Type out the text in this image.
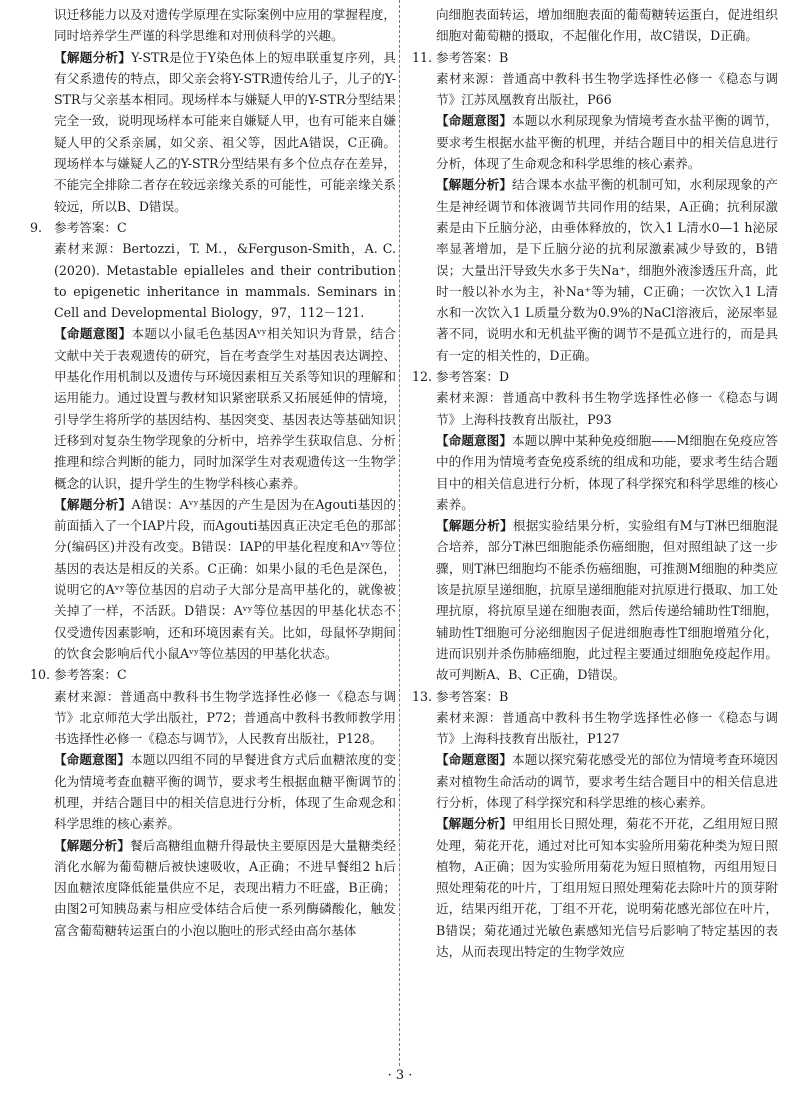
识迁移能力以及对遗传学原理在实际案例中应用的掌握程度，同时培养学生严谨的科学思维和对刑侦科学的兴趣。

【解题分析】Y-STR是位于Y染色体上的短串联重复序列，具有父系遗传的特点，即父亲会将Y-STR遗传给儿子，儿子的Y-STR与父亲基本相同。现场样本与嫌疑人甲的Y-STR分型结果完全一致，说明现场样本可能来自嫌疑人甲，也有可能来自嫌疑人甲的父系亲属，如父亲、祖父等，因此A错误，C正确。现场样本与嫌疑人乙的Y-STR分型结果有多个位点存在差异，不能完全排除二者存在较远亲缘关系的可能性，可能亲缘关系较远，所以B、D错误。

9. 参考答案：C

素材来源：Bertozzi，T. M.，&Ferguson-Smith，A. C.(2020). Metastable epialleles and their contribution to epigenetic inheritance in mammals. Seminars in Cell and Developmental Biology，97，112－121.

【命题意图】本题以小鼠毛色基因Aᵛʸ相关知识为背景，结合文献中关于表观遗传的研究，旨在考查学生对基因表达调控、甲基化作用机制以及遗传与环境因素相互关系等知识的理解和运用能力。通过设置与教材知识紧密联系又拓展延伸的情境，引导学生将所学的基因结构、基因突变、基因表达等基础知识迁移到对复杂生物学现象的分析中，培养学生获取信息、分析推理和综合判断的能力，同时加深学生对表观遗传这一生物学概念的认识，提升学生的生物学科核心素养。

【解题分析】A错误：Aᵛʸ基因的产生是因为在Agouti基因的前面插入了一个IAP片段，而Agouti基因真正决定毛色的那部分(编码区)并没有改变。B错误：IAP的甲基化程度和Aᵛʸ等位基因的表达是相反的关系。C正确：如果小鼠的毛色是深色，说明它的Aᵛʸ等位基因的启动子大部分是高甲基化的，就像被关掉了一样，不活跃。D错误：Aᵛʸ等位基因的甲基化状态不仅受遗传因素影响，还和环境因素有关。比如，母鼠怀孕期间的饮食会影响后代小鼠Aᵛʸ等位基因的甲基化状态。

10. 参考答案：C

素材来源：普通高中教科书生物学选择性必修一《稳态与调节》北京师范大学出版社，P72；普通高中教科书教师教学用书选择性必修一《稳态与调节》，人民教育出版社，P128。

【命题意图】本题以四组不同的早餐进食方式后血糖浓度的变化为情境考查血糖平衡的调节，要求考生根据血糖平衡调节的机理，并结合题目中的相关信息进行分析，体现了生命观念和科学思维的核心素养。

【解题分析】餐后高糖组血糖升得最快主要原因是大量糖类经消化水解为葡萄糖后被快速吸收，A正确；不进早餐组2 h后因血糖浓度降低能量供应不足，表现出精力不旺盛，B正确；由图2可知胰岛素与相应受体结合后使一系列酶磷酸化，触发富含葡萄糖转运蛋白的小泡以胞吐的形式经由高尔基体

向细胞表面转运，增加细胞表面的葡萄糖转运蛋白，促进组织细胞对葡萄糖的摄取，不起催化作用，故C错误，D正确。

11. 参考答案：B

素材来源：普通高中教科书生物学选择性必修一《稳态与调节》江苏凤凰教育出版社，P66

【命题意图】本题以水利尿现象为情境考查水盐平衡的调节，要求考生根据水盐平衡的机理，并结合题目中的相关信息进行分析，体现了生命观念和科学思维的核心素养。

【解题分析】结合课本水盐平衡的机制可知，水利尿现象的产生是神经调节和体液调节共同作用的结果，A正确；抗利尿激素是由下丘脑分泌，由垂体释放的，饮入1 L清水0—1 h泌尿率显著增加，是下丘脑分泌的抗利尿激素减少导致的，B错误；大量出汗导致失水多于失Na⁺，细胞外液渗透压升高，此时一般以补水为主，补Na⁺等为辅，C正确；一次饮入1 L清水和一次饮入1 L质量分数为0.9%的NaCl溶液后，泌尿率显著不同，说明水和无机盐平衡的调节不是孤立进行的，而是具有一定的相关性的，D正确。

12. 参考答案：D

素材来源：普通高中教科书生物学选择性必修一《稳态与调节》上海科技教育出版社，P93

【命题意图】本题以脾中某种免疫细胞——M细胞在免疫应答中的作用为情境考查免疫系统的组成和功能，要求考生结合题目中的相关信息进行分析，体现了科学探究和科学思维的核心素养。

【解题分析】根据实验结果分析，实验组有M与T淋巴细胞混合培养，部分T淋巴细胞能杀伤癌细胞，但对照组缺了这一步骤，则T淋巴细胞均不能杀伤癌细胞，可推测M细胞的种类应该是抗原呈递细胞，抗原呈递细胞能对抗原进行摄取、加工处理抗原，将抗原呈递在细胞表面，然后传递给辅助性T细胞，辅助性T细胞可分泌细胞因子促进细胞毒性T细胞增殖分化，进而识别并杀伤肺癌细胞，此过程主要通过细胞免疫起作用。故可判断A、B、C正确，D错误。

13. 参考答案：B

素材来源：普通高中教科书生物学选择性必修一《稳态与调节》上海科技教育出版社，P127

【命题意图】本题以探究菊花感受光的部位为情境考查环境因素对植物生命活动的调节，要求考生结合题目中的相关信息进行分析，体现了科学探究和科学思维的核心素养。

【解题分析】甲组用长日照处理，菊花不开花，乙组用短日照处理，菊花开花，通过对比可知本实验所用菊花种类为短日照植物，A正确；因为实验所用菊花为短日照植物，丙组用短日照处理菊花的叶片，丁组用短日照处理菊花去除叶片的顶芽附近，结果丙组开花，丁组不开花，说明菊花感光部位在叶片，B错误；菊花通过光敏色素感知光信号后影响了特定基因的表达，从而表现出特定的生物学效应

· 3 ·
